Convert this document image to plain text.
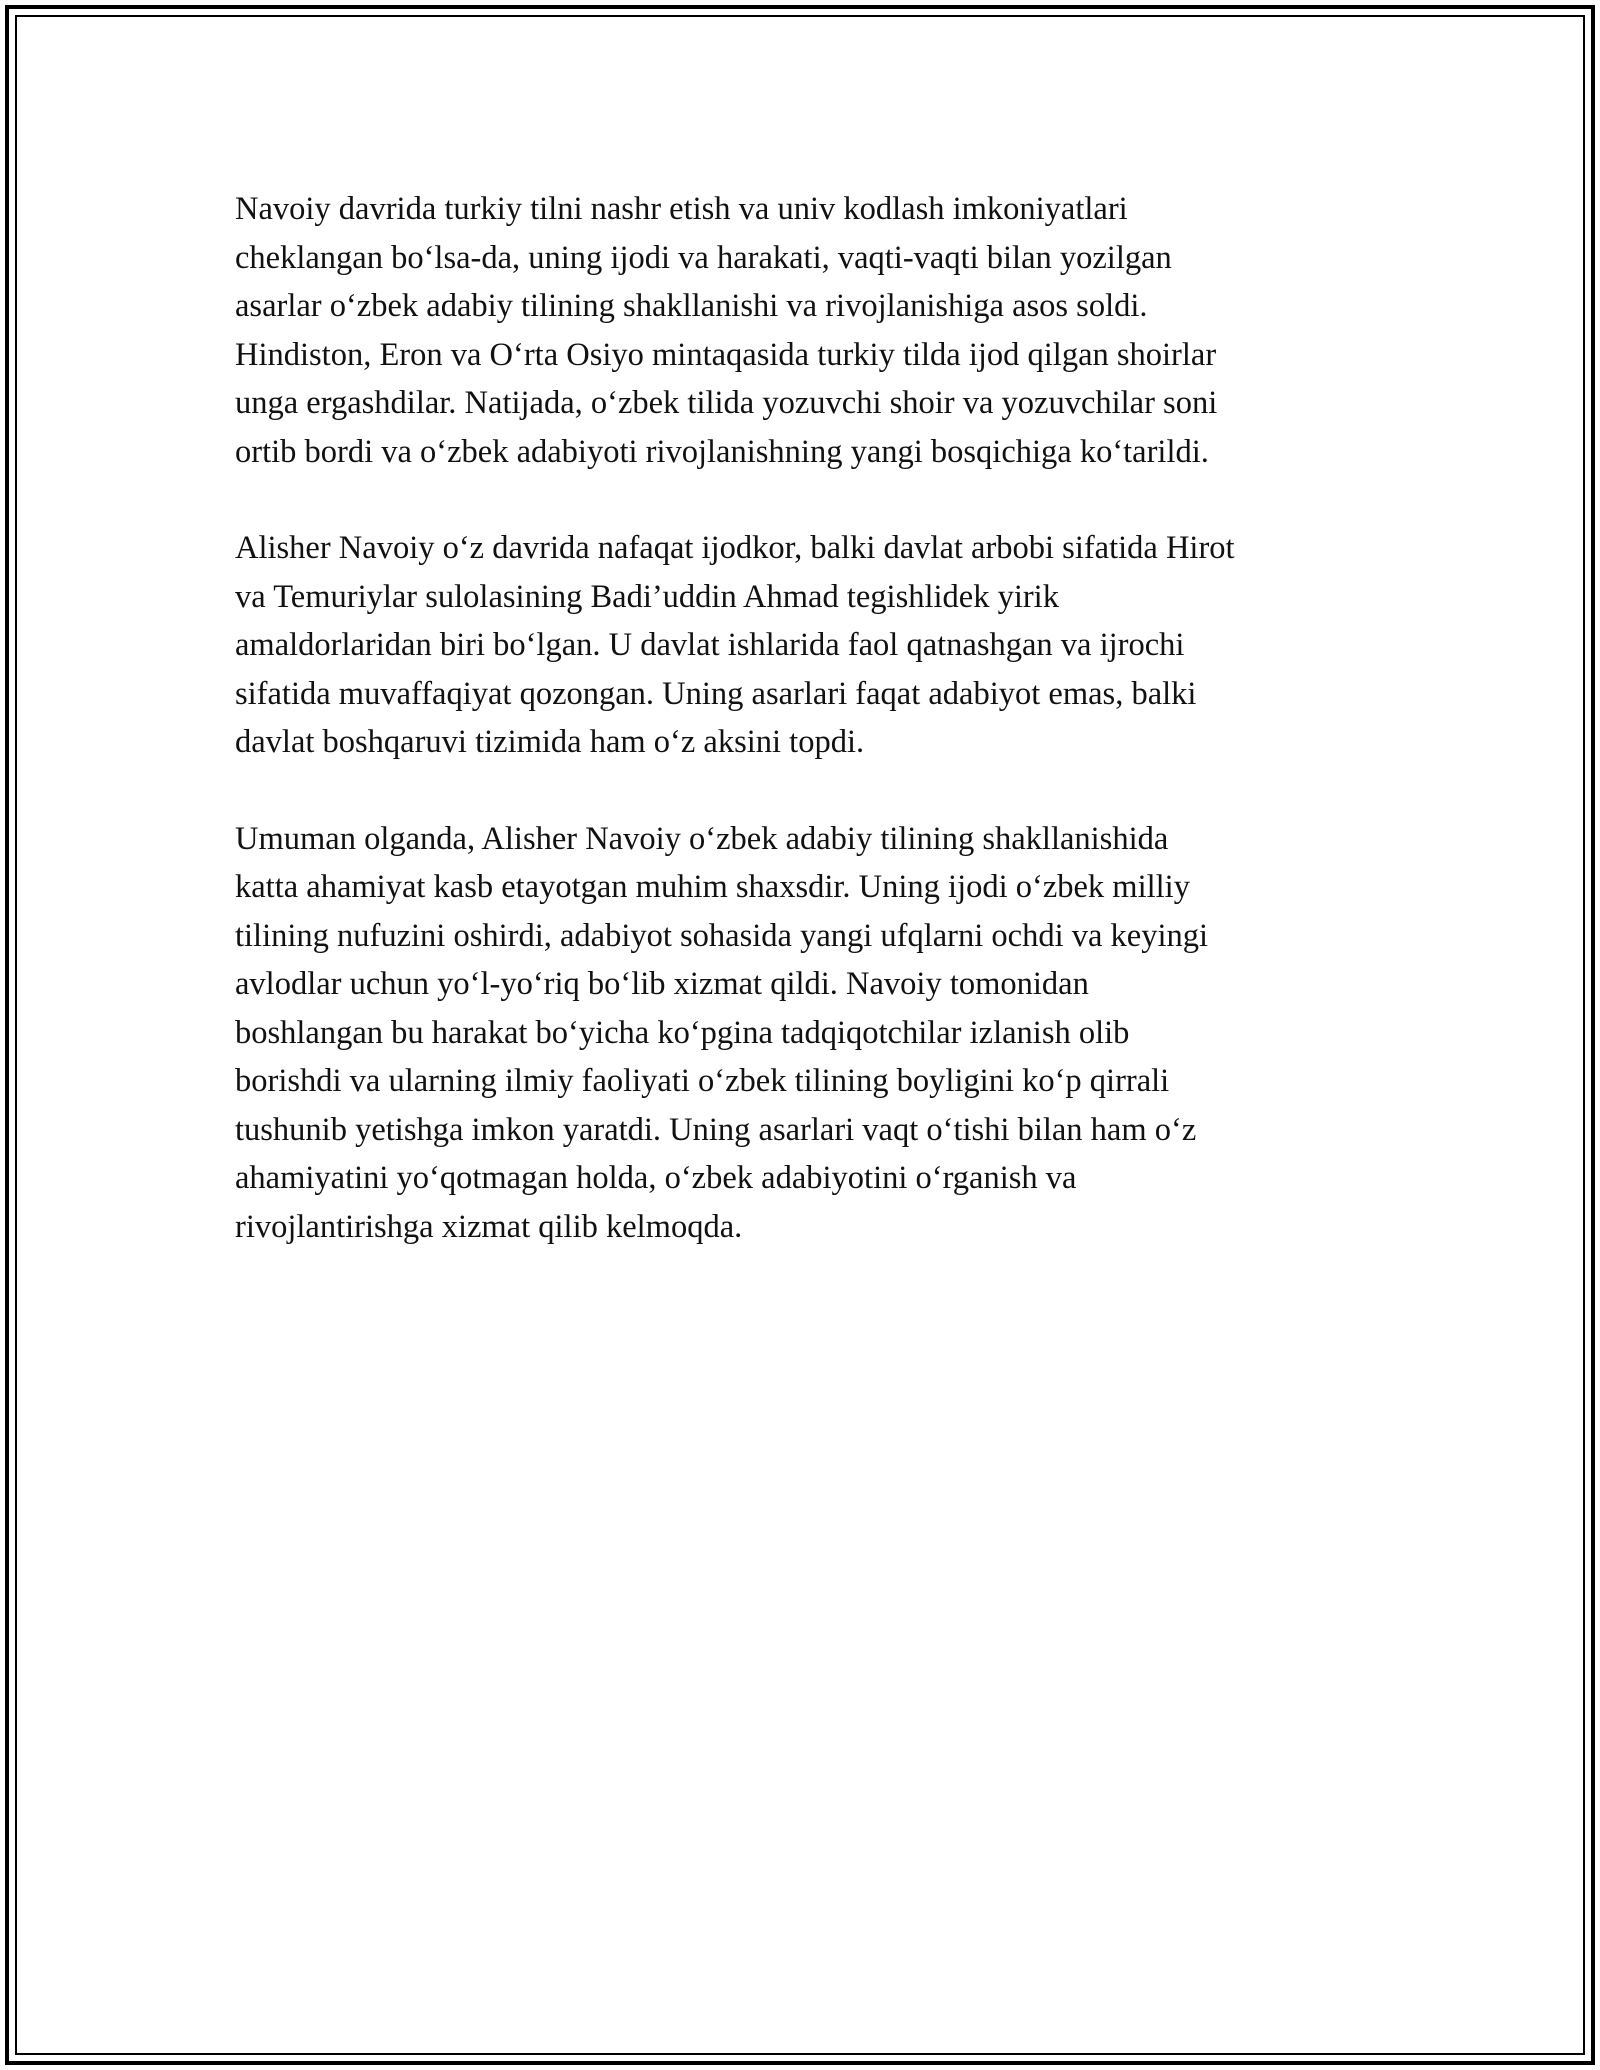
Navoiy davrida turkiy tilni nashr etish va univ kodlash imkoniyatlari
cheklangan bo‘lsa-da, uning ijodi va harakati, vaqti-vaqti bilan yozilgan
asarlar o‘zbek adabiy tilining shakllanishi va rivojlanishiga asos soldi.
Hindiston, Eron va O‘rta Osiyo mintaqasida turkiy tilda ijod qilgan shoirlar
unga ergashdilar. Natijada, o‘zbek tilida yozuvchi shoir va yozuvchilar soni
ortib bordi va o‘zbek adabiyoti rivojlanishning yangi bosqichiga ko‘tarildi.

Alisher Navoiy o‘z davrida nafaqat ijodkor, balki davlat arbobi sifatida Hirot
va Temuriylar sulolasining Badi’uddin Ahmad tegishlidek yirik
amaldorlaridan biri bo‘lgan. U davlat ishlarida faol qatnashgan va ijrochi
sifatida muvaffaqiyat qozongan. Uning asarlari faqat adabiyot emas, balki
davlat boshqaruvi tizimida ham o‘z aksini topdi.

Umuman olganda, Alisher Navoiy o‘zbek adabiy tilining shakllanishida
katta ahamiyat kasb etayotgan muhim shaxsdir. Uning ijodi o‘zbek milliy
tilining nufuzini oshirdi, adabiyot sohasida yangi ufqlarni ochdi va keyingi
avlodlar uchun yo‘l-yo‘riq bo‘lib xizmat qildi. Navoiy tomonidan
boshlangan bu harakat bo‘yicha ko‘pgina tadqiqotchilar izlanish olib
borishdi va ularning ilmiy faoliyati o‘zbek tilining boyligini ko‘p qirrali
tushunib yetishga imkon yaratdi. Uning asarlari vaqt o‘tishi bilan ham o‘z
ahamiyatini yo‘qotmagan holda, o‘zbek adabiyotini o‘rganish va
rivojlantirishga xizmat qilib kelmoqda.
